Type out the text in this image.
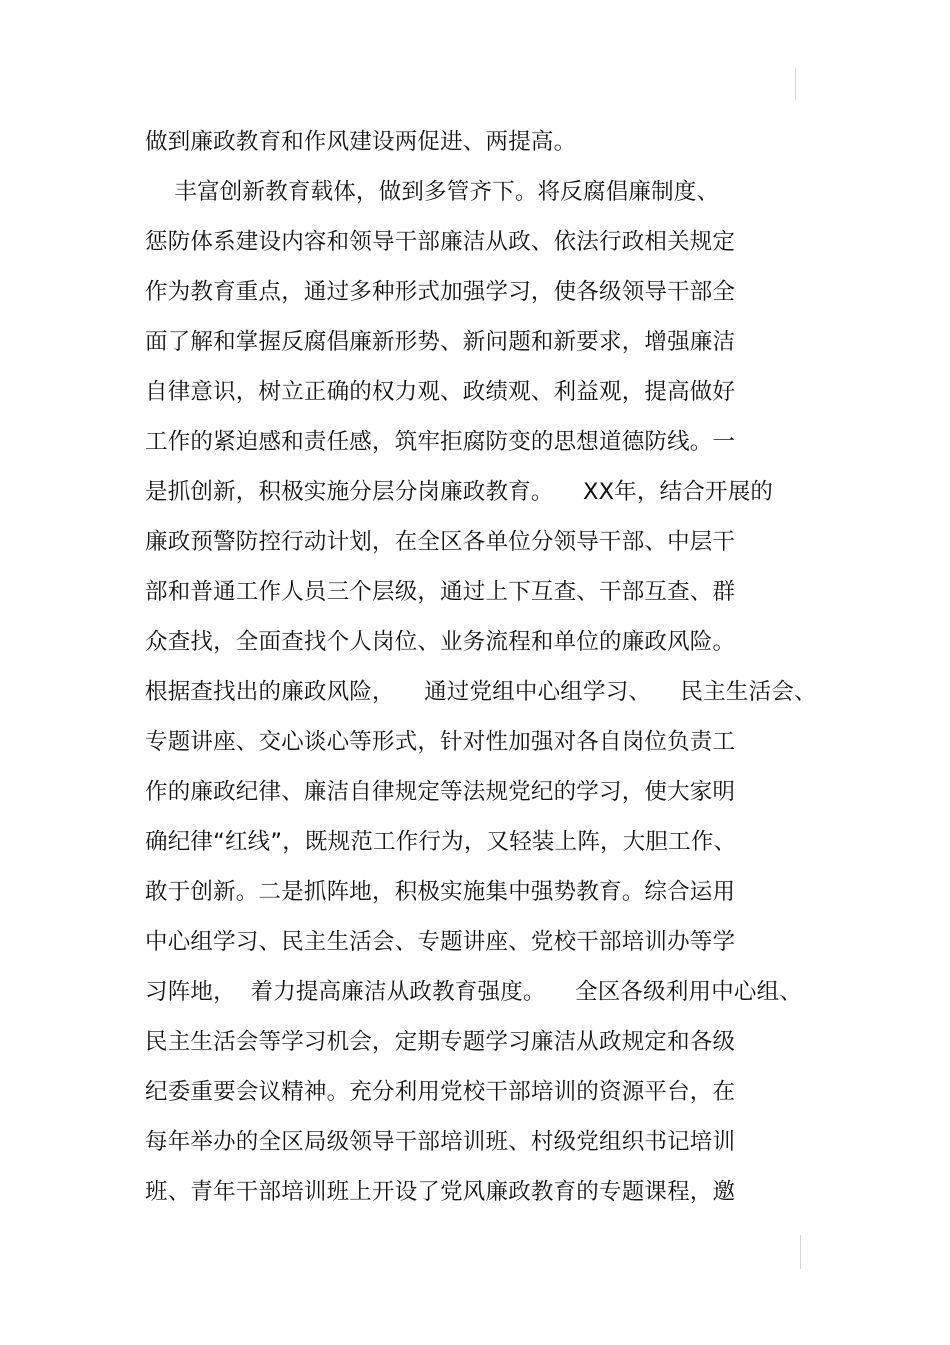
做到廉政教育和作风建设两促进、两提高。
丰富创新教育载体，做到多管齐下。将反腐倡廉制度、
惩防体系建设内容和领导干部廉洁从政、依法行政相关规定
作为教育重点，通过多种形式加强学习，使各级领导干部全
面了解和掌握反腐倡廉新形势、新问题和新要求，增强廉洁
自律意识，树立正确的权力观、政绩观、利益观，提高做好
工作的紧迫感和责任感，筑牢拒腐防变的思想道德防线。一
是抓创新，积极实施分层分岗廉政教育。    XX年，结合开展的
廉政预警防控行动计划，在全区各单位分领导干部、中层干
部和普通工作人员三个层级，通过上下互查、干部互查、群
众查找，全面查找个人岗位、业务流程和单位的廉政风险。
根据查找出的廉政风险，    通过党组中心组学习、    民主生活会、
专题讲座、交心谈心等形式，针对性加强对各自岗位负责工
作的廉政纪律、廉洁自律规定等法规党纪的学习，使大家明
确纪律“红线”，既规范工作行为，又轻装上阵，大胆工作、
敢于创新。二是抓阵地，积极实施集中强势教育。综合运用
中心组学习、民主生活会、专题讲座、党校干部培训办等学
习阵地，  着力提高廉洁从政教育强度。    全区各级利用中心组、
民主生活会等学习机会，定期专题学习廉洁从政规定和各级
纪委重要会议精神。充分利用党校干部培训的资源平台，在
每年举办的全区局级领导干部培训班、村级党组织书记培训
班、青年干部培训班上开设了党风廉政教育的专题课程，邀
